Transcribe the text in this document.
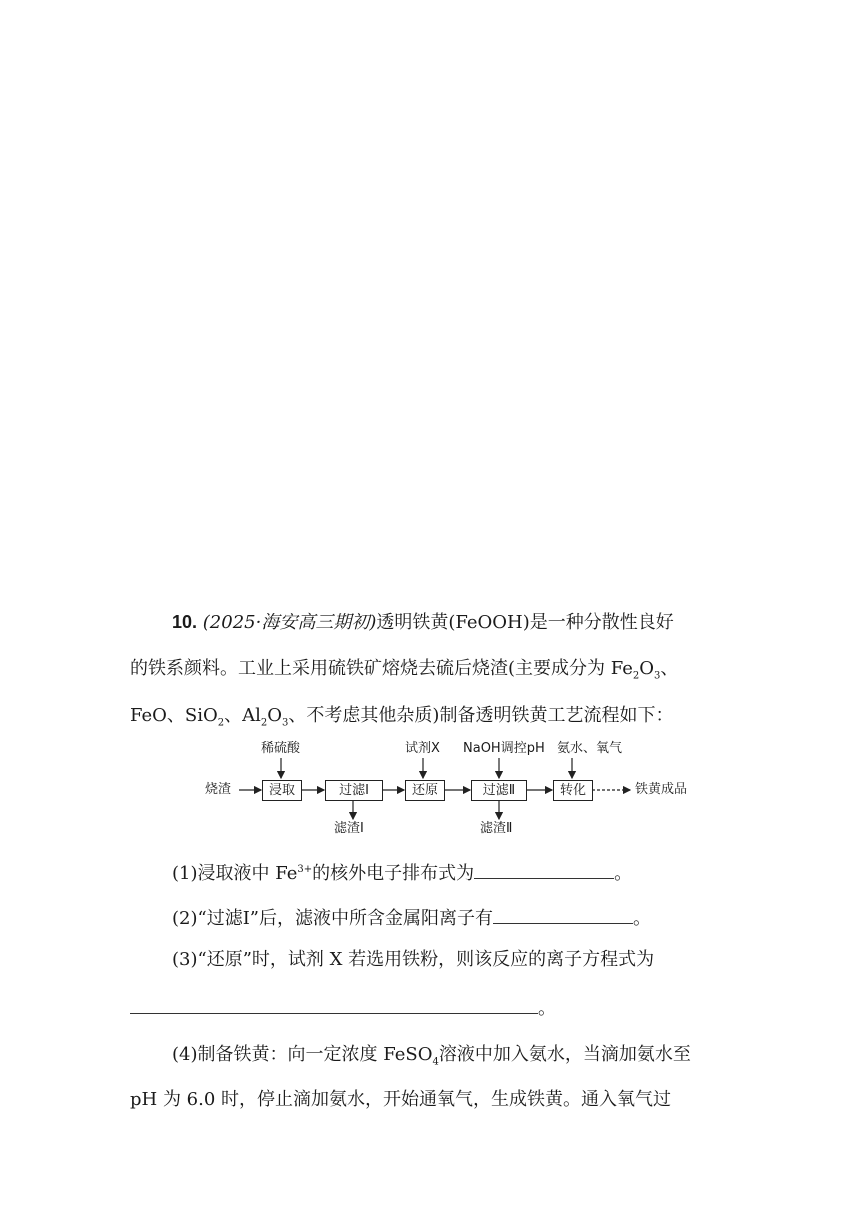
10. (2025·海安高三期初)透明铁黄(FeOOH)是一种分散性良好
的铁系颜料。工业上采用硫铁矿熔烧去硫后烧渣(主要成分为 $Fe_2O_3$、
FeO、SiO$_2$、$Al_2O_3$、不考虑其他杂质)制备透明铁黄工艺流程如下：
烧渣	浸取	过滤Ⅰ	还原	过滤Ⅱ	转化	铁黄成品
稀硫酸	试剂X NaOH调控pH 氨水、氧气
滤渣Ⅰ	滤渣Ⅱ
(1)浸取液中 $Fe^{3+}$的核外电子排布式为	。
(2)“过滤Ⅰ”后，滤液中所含金属阳离子有	。
(3)“还原”时，试剂 X 若选用铁粉，则该反应的离子方程式为
。
(4)制备铁黄：向一定浓度 FeSO$_4$溶液中加入氨水，当滴加氨水至
pH 为 6.0 时，停止滴加氨水，开始通氧气，生成铁黄。通入氧气过
